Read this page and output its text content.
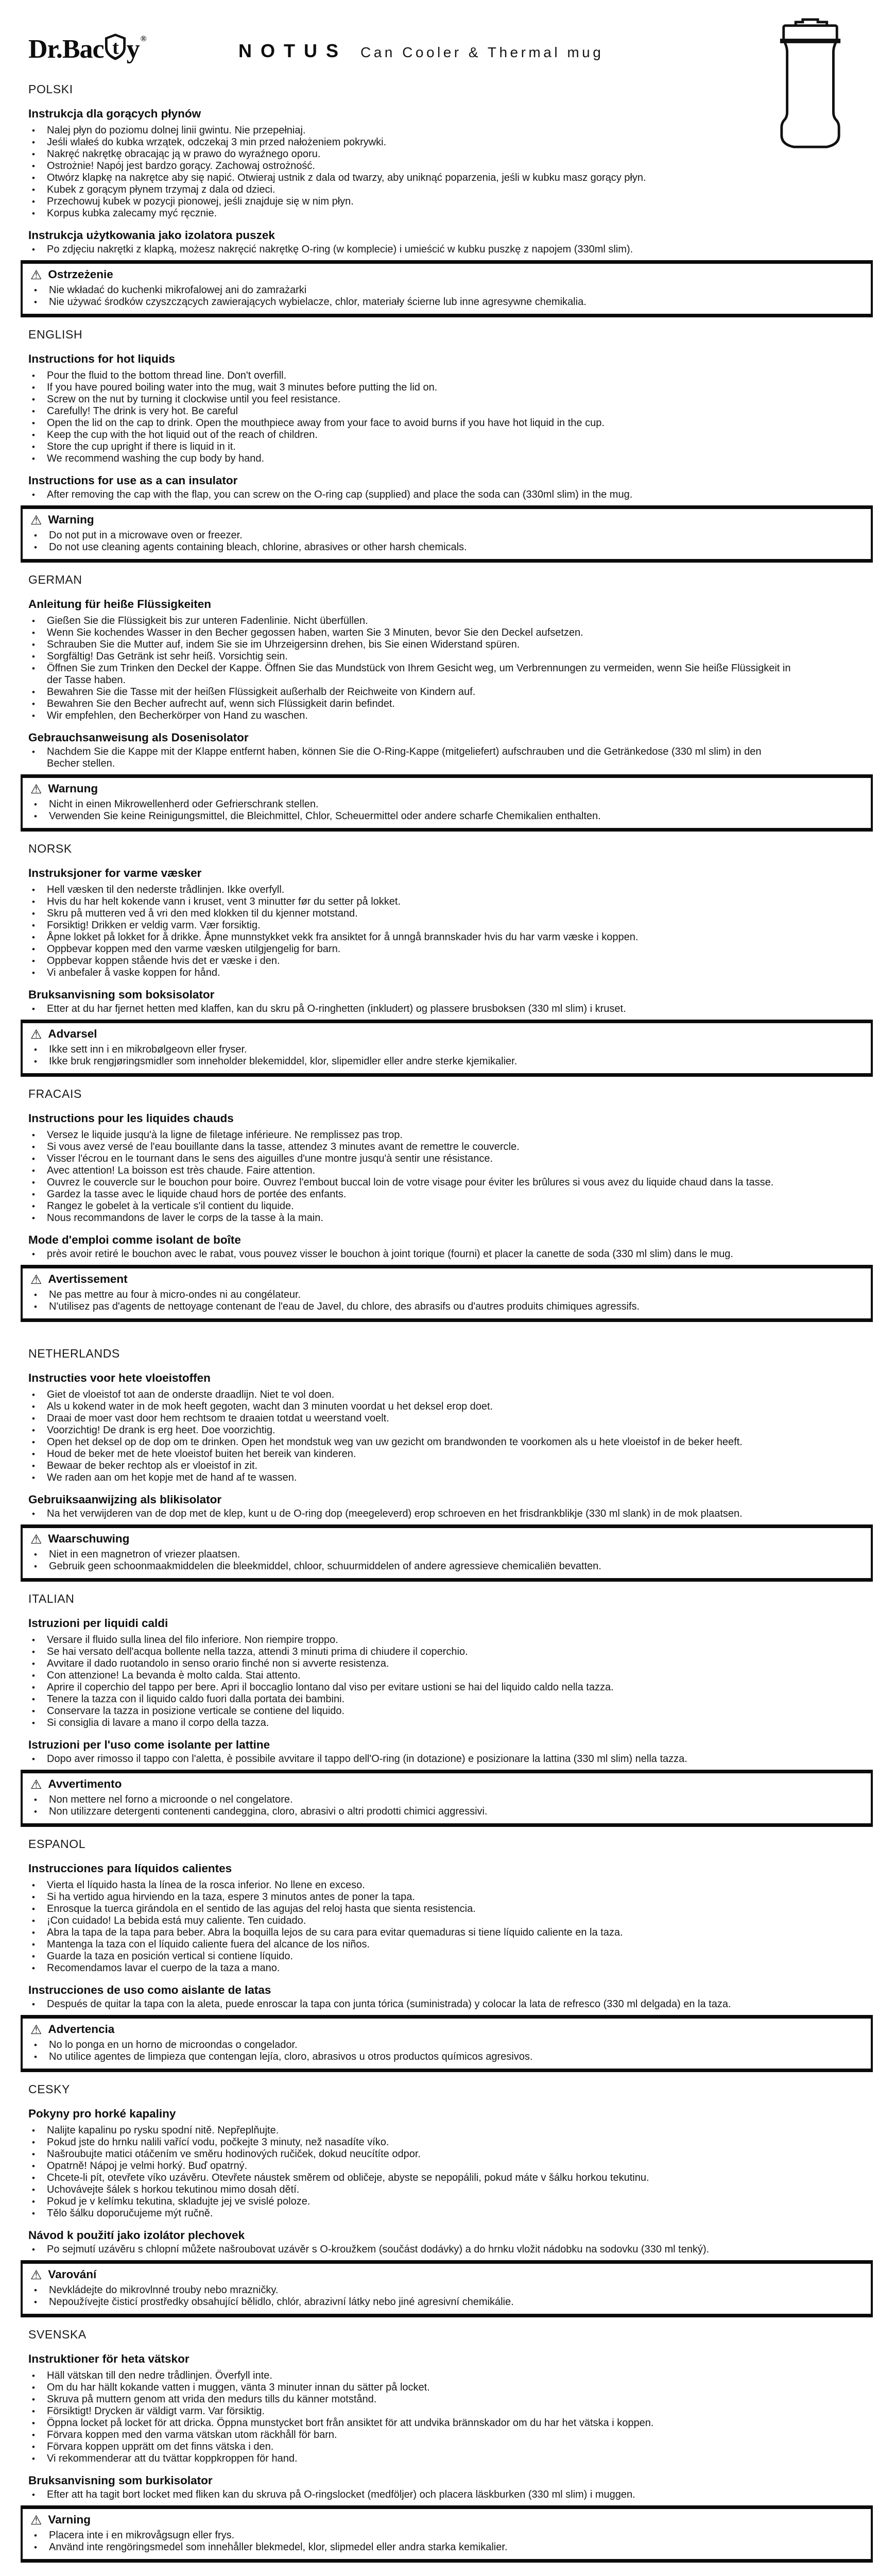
Dr.Bac t y ®
NOTUS Can Cooler & Thermal mug
POLSKI
Instrukcja dla gorących płynów
• Nalej płyn do poziomu dolnej linii gwintu. Nie przepełniaj.
• Jeśli wlałeś do kubka wrzątek, odczekaj 3 min przed nałożeniem pokrywki.
• Nakręć nakrętkę obracając ją w prawo do wyraźnego oporu.
• Ostrożnie! Napój jest bardzo gorący. Zachowaj ostrożność.
• Otwórz klapkę na nakrętce aby się napić. Otwieraj ustnik z dala od twarzy, aby uniknąć poparzenia, jeśli w kubku masz gorący płyn.
• Kubek z gorącym płynem trzymaj z dala od dzieci.
• Przechowuj kubek w pozycji pionowej, jeśli znajduje się w nim płyn.
• Korpus kubka zalecamy myć ręcznie.
Instrukcja użytkowania jako izolatora puszek
• Po zdjęciu nakrętki z klapką, możesz nakręcić nakrętkę O-ring (w komplecie) i umieścić w kubku puszkę z napojem (330ml slim).
⚠ Ostrzeżenie
• Nie wkładać do kuchenki mikrofalowej ani do zamrażarki
• Nie używać środków czyszczących zawierających wybielacze, chlor, materiały ścierne lub inne agresywne chemikalia.
ENGLISH
Instructions for hot liquids
• Pour the fluid to the bottom thread line. Don't overfill.
• If you have poured boiling water into the mug, wait 3 minutes before putting the lid on.
• Screw on the nut by turning it clockwise until you feel resistance.
• Carefully! The drink is very hot. Be careful
• Open the lid on the cap to drink. Open the mouthpiece away from your face to avoid burns if you have hot liquid in the cup.
• Keep the cup with the hot liquid out of the reach of children.
• Store the cup upright if there is liquid in it.
• We recommend washing the cup body by hand.
Instructions for use as a can insulator
• After removing the cap with the flap, you can screw on the O-ring cap (supplied) and place the soda can (330ml slim) in the mug.
⚠ Warning
• Do not put in a microwave oven or freezer.
• Do not use cleaning agents containing bleach, chlorine, abrasives or other harsh chemicals.
GERMAN
Anleitung für heiße Flüssigkeiten
• Gießen Sie die Flüssigkeit bis zur unteren Fadenlinie. Nicht überfüllen.
• Wenn Sie kochendes Wasser in den Becher gegossen haben, warten Sie 3 Minuten, bevor Sie den Deckel aufsetzen.
• Schrauben Sie die Mutter auf, indem Sie sie im Uhrzeigersinn drehen, bis Sie einen Widerstand spüren.
• Sorgfältig! Das Getränk ist sehr heiß. Vorsichtig sein.
• Öffnen Sie zum Trinken den Deckel der Kappe. Öffnen Sie das Mundstück von Ihrem Gesicht weg, um Verbrennungen zu vermeiden, wenn Sie heiße Flüssigkeit in der Tasse haben.
• Bewahren Sie die Tasse mit der heißen Flüssigkeit außerhalb der Reichweite von Kindern auf.
• Bewahren Sie den Becher aufrecht auf, wenn sich Flüssigkeit darin befindet.
• Wir empfehlen, den Becherkörper von Hand zu waschen.
Gebrauchsanweisung als Dosenisolator
• Nachdem Sie die Kappe mit der Klappe entfernt haben, können Sie die O-Ring-Kappe (mitgeliefert) aufschrauben und die Getränkedose (330 ml slim) in den Becher stellen.
⚠ Warnung
• Nicht in einen Mikrowellenherd oder Gefrierschrank stellen.
• Verwenden Sie keine Reinigungsmittel, die Bleichmittel, Chlor, Scheuermittel oder andere scharfe Chemikalien enthalten.
NORSK
Instruksjoner for varme væsker
• Hell væsken til den nederste trådlinjen. Ikke overfyll.
• Hvis du har helt kokende vann i kruset, vent 3 minutter før du setter på lokket.
• Skru på mutteren ved å vri den med klokken til du kjenner motstand.
• Forsiktig! Drikken er veldig varm. Vær forsiktig.
• Åpne lokket på lokket for å drikke. Åpne munnstykket vekk fra ansiktet for å unngå brannskader hvis du har varm væske i koppen.
• Oppbevar koppen med den varme væsken utilgjengelig for barn.
• Oppbevar koppen stående hvis det er væske i den.
• Vi anbefaler å vaske koppen for hånd.
Bruksanvisning som boksisolator
• Etter at du har fjernet hetten med klaffen, kan du skru på O-ringhetten (inkludert) og plassere brusboksen (330 ml slim) i kruset.
⚠ Advarsel
• Ikke sett inn i en mikrobølgeovn eller fryser.
• Ikke bruk rengjøringsmidler som inneholder blekemiddel, klor, slipemidler eller andre sterke kjemikalier.
FRACAIS
Instructions pour les liquides chauds
• Versez le liquide jusqu'à la ligne de filetage inférieure. Ne remplissez pas trop.
• Si vous avez versé de l'eau bouillante dans la tasse, attendez 3 minutes avant de remettre le couvercle.
• Visser l'écrou en le tournant dans le sens des aiguilles d'une montre jusqu'à sentir une résistance.
• Avec attention! La boisson est très chaude. Faire attention.
• Ouvrez le couvercle sur le bouchon pour boire. Ouvrez l'embout buccal loin de votre visage pour éviter les brûlures si vous avez du liquide chaud dans la tasse.
• Gardez la tasse avec le liquide chaud hors de portée des enfants.
• Rangez le gobelet à la verticale s'il contient du liquide.
• Nous recommandons de laver le corps de la tasse à la main.
Mode d'emploi comme isolant de boîte
• près avoir retiré le bouchon avec le rabat, vous pouvez visser le bouchon à joint torique (fourni) et placer la canette de soda (330 ml slim) dans le mug.
⚠ Avertissement
• Ne pas mettre au four à micro-ondes ni au congélateur.
• N'utilisez pas d'agents de nettoyage contenant de l'eau de Javel, du chlore, des abrasifs ou d'autres produits chimiques agressifs.
NETHERLANDS
Instructies voor hete vloeistoffen
• Giet de vloeistof tot aan de onderste draadlijn. Niet te vol doen.
• Als u kokend water in de mok heeft gegoten, wacht dan 3 minuten voordat u het deksel erop doet.
• Draai de moer vast door hem rechtsom te draaien totdat u weerstand voelt.
• Voorzichtig! De drank is erg heet. Doe voorzichtig.
• Open het deksel op de dop om te drinken. Open het mondstuk weg van uw gezicht om brandwonden te voorkomen als u hete vloeistof in de beker heeft.
• Houd de beker met de hete vloeistof buiten het bereik van kinderen.
• Bewaar de beker rechtop als er vloeistof in zit.
• We raden aan om het kopje met de hand af te wassen.
Gebruiksaanwijzing als blikisolator
• Na het verwijderen van de dop met de klep, kunt u de O-ring dop (meegeleverd) erop schroeven en het frisdrankblikje (330 ml slank) in de mok plaatsen.
⚠ Waarschuwing
• Niet in een magnetron of vriezer plaatsen.
• Gebruik geen schoonmaakmiddelen die bleekmiddel, chloor, schuurmiddelen of andere agressieve chemicaliën bevatten.
ITALIAN
Istruzioni per liquidi caldi
• Versare il fluido sulla linea del filo inferiore. Non riempire troppo.
• Se hai versato dell'acqua bollente nella tazza, attendi 3 minuti prima di chiudere il coperchio.
• Avvitare il dado ruotandolo in senso orario finché non si avverte resistenza.
• Con attenzione! La bevanda è molto calda. Stai attento.
• Aprire il coperchio del tappo per bere. Apri il boccaglio lontano dal viso per evitare ustioni se hai del liquido caldo nella tazza.
• Tenere la tazza con il liquido caldo fuori dalla portata dei bambini.
• Conservare la tazza in posizione verticale se contiene del liquido.
• Si consiglia di lavare a mano il corpo della tazza.
Istruzioni per l'uso come isolante per lattine
• Dopo aver rimosso il tappo con l'aletta, è possibile avvitare il tappo dell'O-ring (in dotazione) e posizionare la lattina (330 ml slim) nella tazza.
⚠ Avvertimento
• Non mettere nel forno a microonde o nel congelatore.
• Non utilizzare detergenti contenenti candeggina, cloro, abrasivi o altri prodotti chimici aggressivi.
ESPANOL
Instrucciones para líquidos calientes
• Vierta el líquido hasta la línea de la rosca inferior. No llene en exceso.
• Si ha vertido agua hirviendo en la taza, espere 3 minutos antes de poner la tapa.
• Enrosque la tuerca girándola en el sentido de las agujas del reloj hasta que sienta resistencia.
• ¡Con cuidado! La bebida está muy caliente. Ten cuidado.
• Abra la tapa de la tapa para beber. Abra la boquilla lejos de su cara para evitar quemaduras si tiene líquido caliente en la taza.
• Mantenga la taza con el líquido caliente fuera del alcance de los niños.
• Guarde la taza en posición vertical si contiene líquido.
• Recomendamos lavar el cuerpo de la taza a mano.
Instrucciones de uso como aislante de latas
• Después de quitar la tapa con la aleta, puede enroscar la tapa con junta tórica (suministrada) y colocar la lata de refresco (330 ml delgada) en la taza.
⚠ Advertencia
• No lo ponga en un horno de microondas o congelador.
• No utilice agentes de limpieza que contengan lejía, cloro, abrasivos u otros productos químicos agresivos.
CESKY
Pokyny pro horké kapaliny
• Nalijte kapalinu po rysku spodní nitě. Nepřeplňujte.
• Pokud jste do hrnku nalili vařící vodu, počkejte 3 minuty, než nasadíte víko.
• Našroubujte matici otáčením ve směru hodinových ručiček, dokud neucítíte odpor.
• Opatrně! Nápoj je velmi horký. Buď opatrný.
• Chcete-li pít, otevřete víko uzávěru. Otevřete náustek směrem od obličeje, abyste se nepopálili, pokud máte v šálku horkou tekutinu.
• Uchovávejte šálek s horkou tekutinou mimo dosah dětí.
• Pokud je v kelímku tekutina, skladujte jej ve svislé poloze.
• Tělo šálku doporučujeme mýt ručně.
Návod k použití jako izolátor plechovek
• Po sejmutí uzávěru s chlopní můžete našroubovat uzávěr s O-kroužkem (součást dodávky) a do hrnku vložit nádobku na sodovku (330 ml tenký).
⚠ Varování
• Nevkládejte do mikrovlnné trouby nebo mrazničky.
• Nepoužívejte čisticí prostředky obsahující bělidlo, chlór, abrazivní látky nebo jiné agresivní chemikálie.
SVENSKA
Instruktioner för heta vätskor
• Häll vätskan till den nedre trådlinjen. Överfyll inte.
• Om du har hällt kokande vatten i muggen, vänta 3 minuter innan du sätter på locket.
• Skruva på muttern genom att vrida den medurs tills du känner motstånd.
• Försiktigt! Drycken är väldigt varm. Var försiktig.
• Öppna locket på locket för att dricka. Öppna munstycket bort från ansiktet för att undvika brännskador om du har het vätska i koppen.
• Förvara koppen med den varma vätskan utom räckhåll för barn.
• Förvara koppen upprätt om det finns vätska i den.
• Vi rekommenderar att du tvättar koppkroppen för hand.
Bruksanvisning som burkisolator
• Efter att ha tagit bort locket med fliken kan du skruva på O-ringslocket (medföljer) och placera läskburken (330 ml slim) i muggen.
⚠ Varning
• Placera inte i en mikrovågsugn eller frys.
• Använd inte rengöringsmedel som innehåller blekmedel, klor, slipmedel eller andra starka kemikalier.
